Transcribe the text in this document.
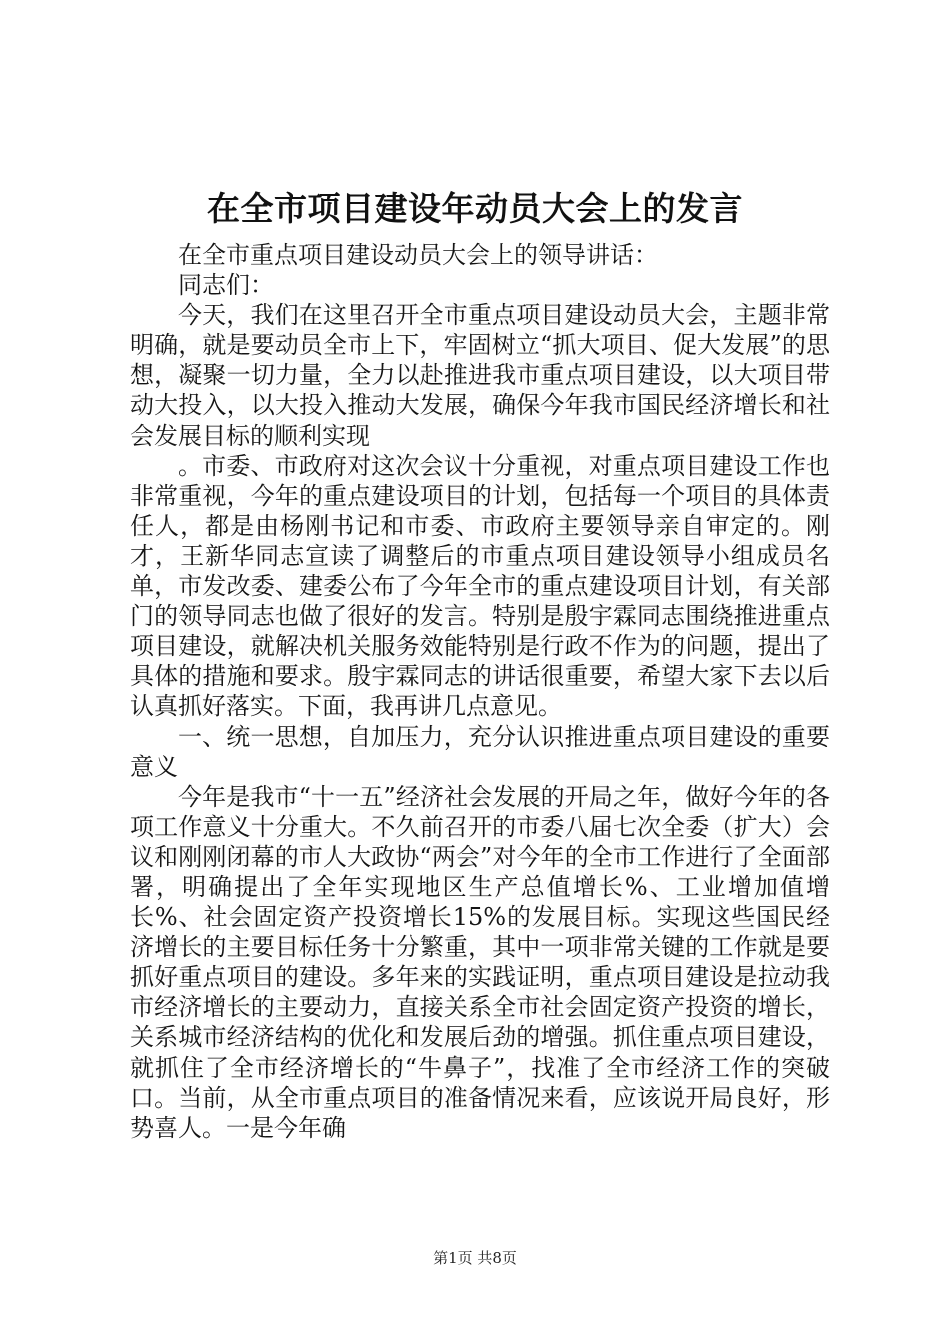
在全市项目建设年动员大会上的发言

在全市重点项目建设动员大会上的领导讲话：

同志们：

今天，我们在这里召开全市重点项目建设动员大会，主题非常明确，就是要动员全市上下，牢固树立“抓大项目、促大发展”的思想，凝聚一切力量，全力以赴推进我市重点项目建设，以大项目带动大投入，以大投入推动大发展，确保今年我市国民经济增长和社会发展目标的顺利实现

。市委、市政府对这次会议十分重视，对重点项目建设工作也非常重视，今年的重点建设项目的计划，包括每一个项目的具体责任人，都是由杨刚书记和市委、市政府主要领导亲自审定的。刚才，王新华同志宣读了调整后的市重点项目建设领导小组成员名单，市发改委、建委公布了今年全市的重点建设项目计划，有关部门的领导同志也做了很好的发言。特别是殷宇霖同志围绕推进重点项目建设，就解决机关服务效能特别是行政不作为的问题，提出了具体的措施和要求。殷宇霖同志的讲话很重要，希望大家下去以后认真抓好落实。下面，我再讲几点意见。

一、统一思想，自加压力，充分认识推进重点项目建设的重要意义

今年是我市“十一五”经济社会发展的开局之年，做好今年的各项工作意义十分重大。不久前召开的市委八届七次全委（扩大）会议和刚刚闭幕的市人大政协“两会”对今年的全市工作进行了全面部署，明确提出了全年实现地区生产总值增长%、工业增加值增长%、社会固定资产投资增长15%的发展目标。实现这些国民经济增长的主要目标任务十分繁重，其中一项非常关键的工作就是要抓好重点项目的建设。多年来的实践证明，重点项目建设是拉动我市经济增长的主要动力，直接关系全市社会固定资产投资的增长，关系城市经济结构的优化和发展后劲的增强。抓住重点项目建设，就抓住了全市经济增长的“牛鼻子”，找准了全市经济工作的突破口。当前，从全市重点项目的准备情况来看，应该说开局良好，形势喜人。一是今年确

第1页 共8页
